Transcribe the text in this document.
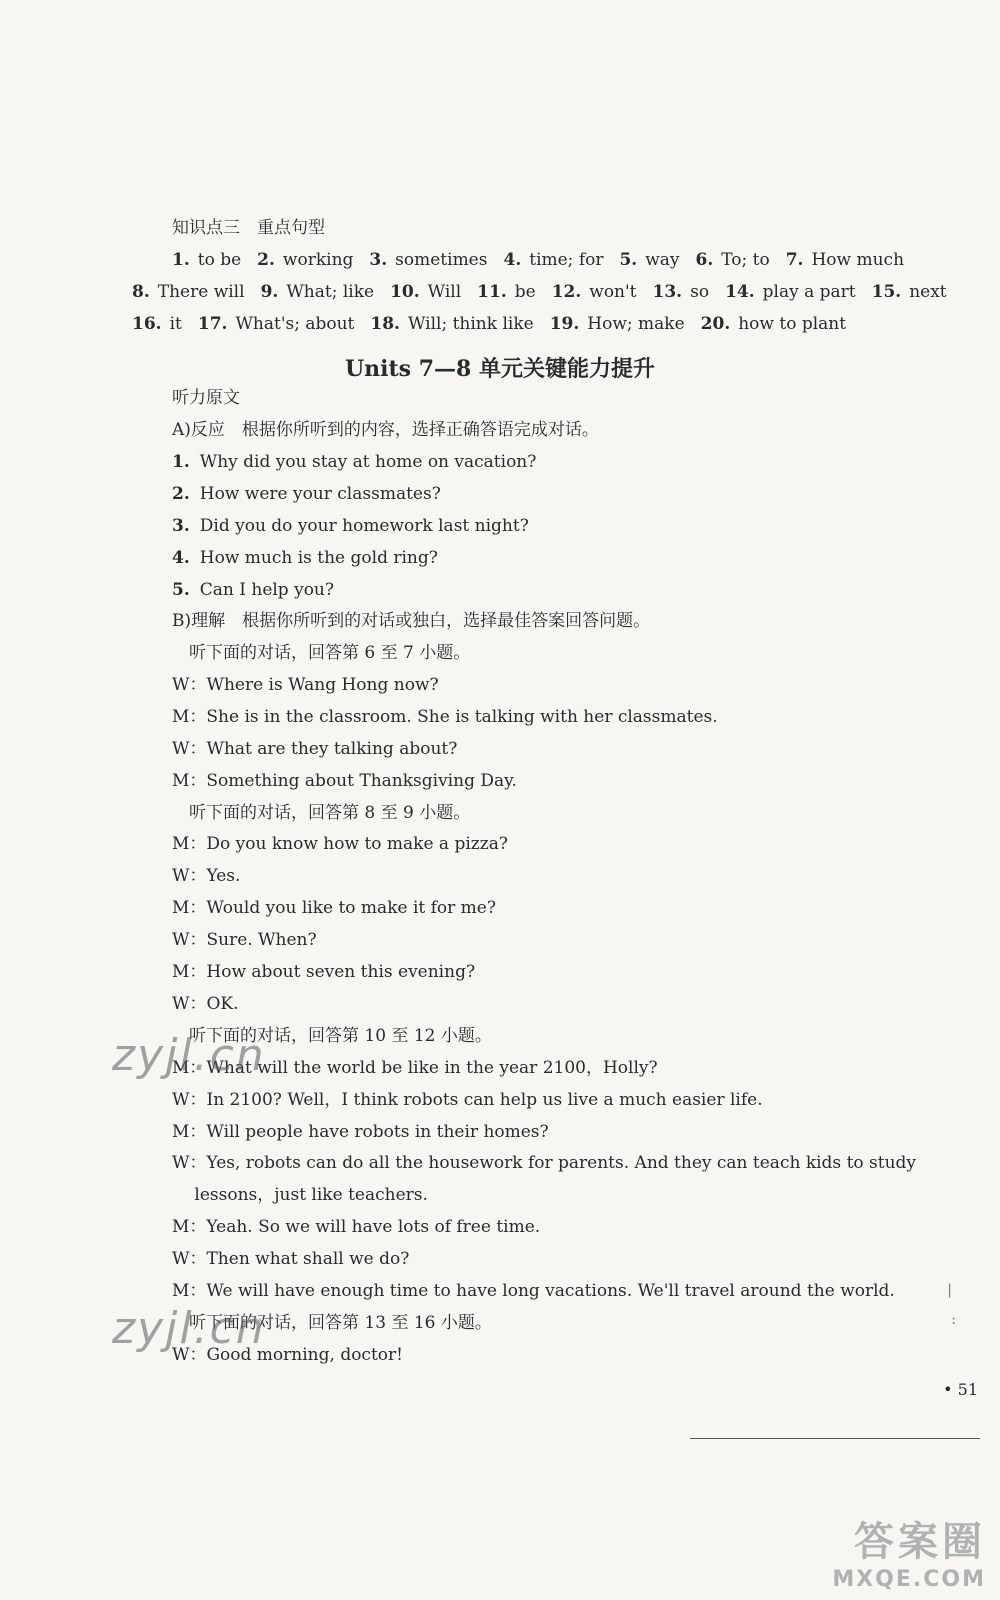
知识点三　重点句型
1. to be 2. working 3. sometimes 4. time; for 5. way 6. To; to 7. How much
8. There will 9. What; like 10. Will 11. be 12. won't 13. so 14. play a part 15. next
16. it 17. What's; about 18. Will; think like 19. How; make 20. how to plant
Units 7—8 单元关键能力提升
听力原文
A)反应　根据你所听到的内容，选择正确答语完成对话。
1. Why did you stay at home on vacation?
2. How were your classmates?
3. Did you do your homework last night?
4. How much is the gold ring?
5. Can I help you?
B)理解　根据你所听到的对话或独白，选择最佳答案回答问题。
　听下面的对话，回答第 6 至 7 小题。
W：Where is Wang Hong now?
M：She is in the classroom. She is talking with her classmates.
W：What are they talking about?
M：Something about Thanksgiving Day.
　听下面的对话，回答第 8 至 9 小题。
M：Do you know how to make a pizza?
W：Yes.
M：Would you like to make it for me?
W：Sure. When?
M：How about seven this evening?
W：OK.
　听下面的对话，回答第 10 至 12 小题。
M：What will the world be like in the year 2100，Holly?
W：In 2100? Well，I think robots can help us live a much easier life.
M：Will people have robots in their homes?
W：Yes, robots can do all the housework for parents. And they can teach kids to study
　 lessons，just like teachers.
M：Yeah. So we will have lots of free time.
W：Then what shall we do?
M：We will have enough time to have long vacations. We'll travel around the world.
　听下面的对话，回答第 13 至 16 小题。
W：Good morning, doctor!
zyjl.cn
zyjl.cn
|
:
• 51
答案圈
MXQE.COM
